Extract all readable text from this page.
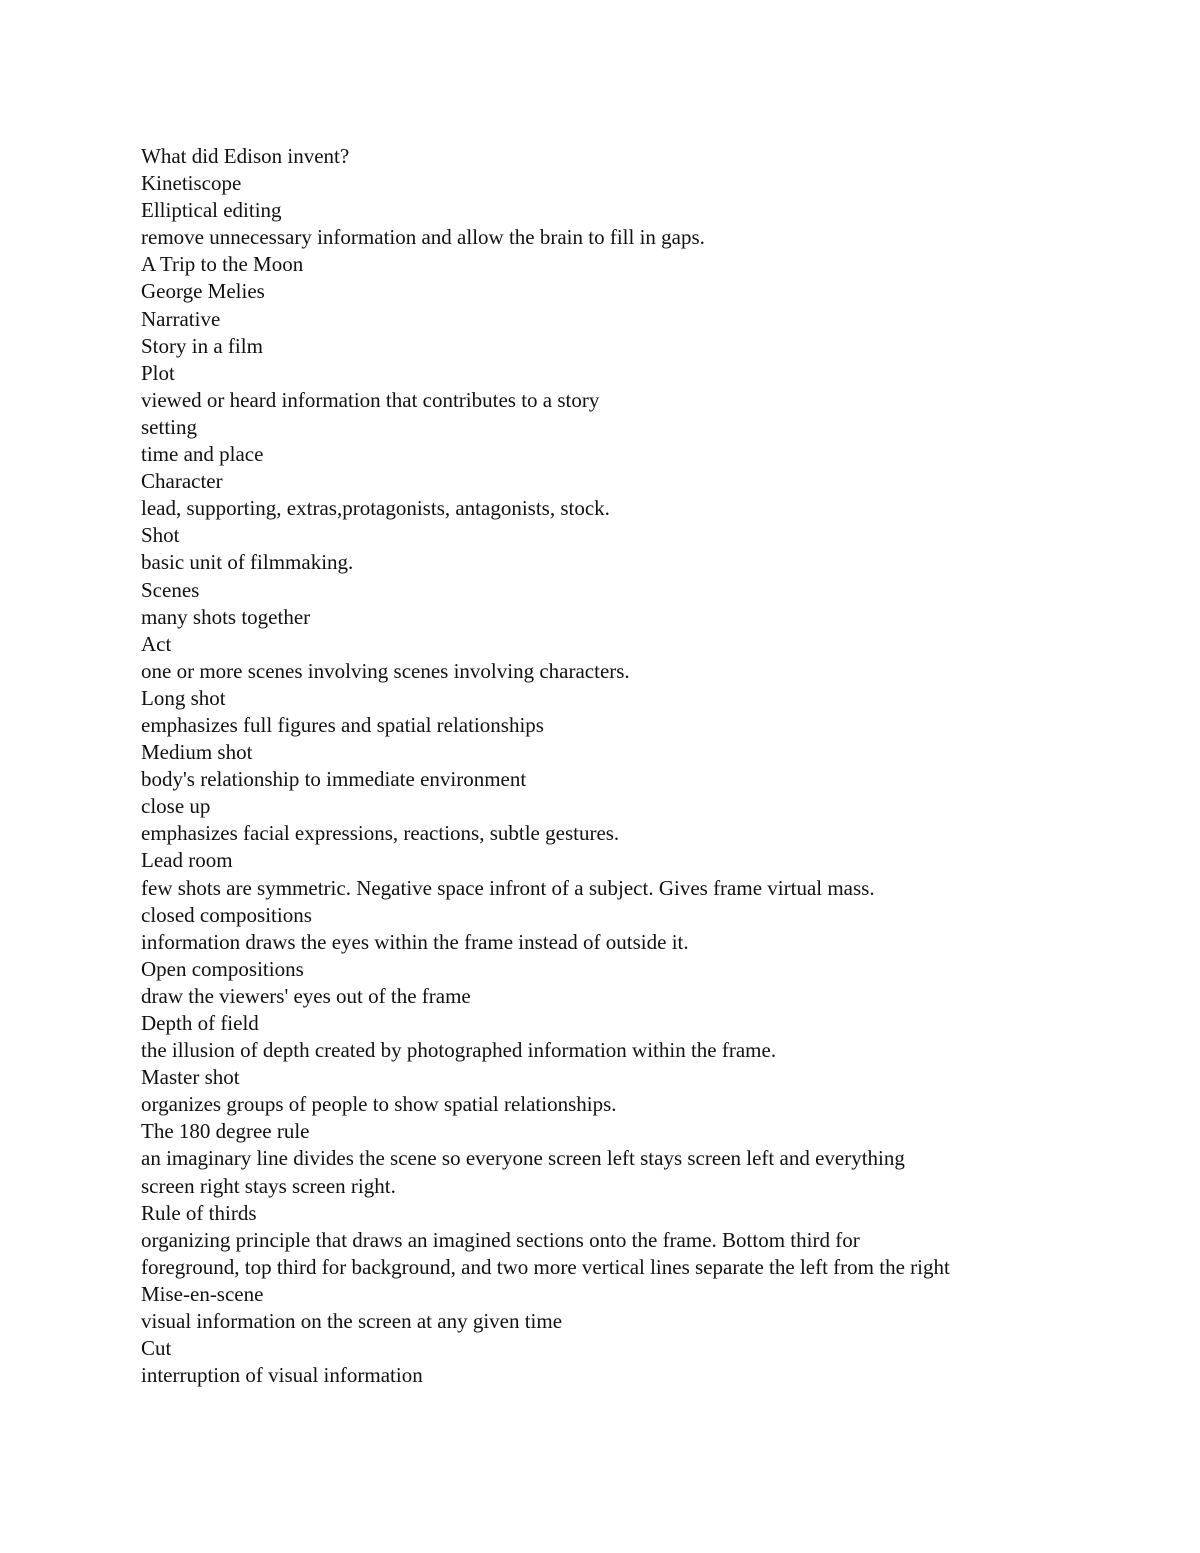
What did Edison invent?

Kinetiscope

Elliptical editing

remove unnecessary information and allow the brain to fill in gaps.

A Trip to the Moon

George Melies

Narrative

Story in a film

Plot

viewed or heard information that contributes to a story

setting

time and place

Character

lead, supporting, extras,protagonists, antagonists, stock.

Shot

basic unit of filmmaking.

Scenes

many shots together

Act

one or more scenes involving scenes involving characters.

Long shot

emphasizes full figures and spatial relationships

Medium shot

body's relationship to immediate environment

close up

emphasizes facial expressions, reactions, subtle gestures.

Lead room

few shots are symmetric. Negative space infront of a subject. Gives frame virtual mass.

closed compositions

information draws the eyes within the frame instead of outside it.

Open compositions

draw the viewers' eyes out of the frame

Depth of field

the illusion of depth created by photographed information within the frame.

Master shot

organizes groups of people to show spatial relationships.

The 180 degree rule

an imaginary line divides the scene so everyone screen left stays screen left and everything

screen right stays screen right.

Rule of thirds

organizing principle that draws an imagined sections onto the frame. Bottom third for

foreground, top third for background, and two more vertical lines separate the left from the right

Mise-en-scene

visual information on the screen at any given time

Cut

interruption of visual information
